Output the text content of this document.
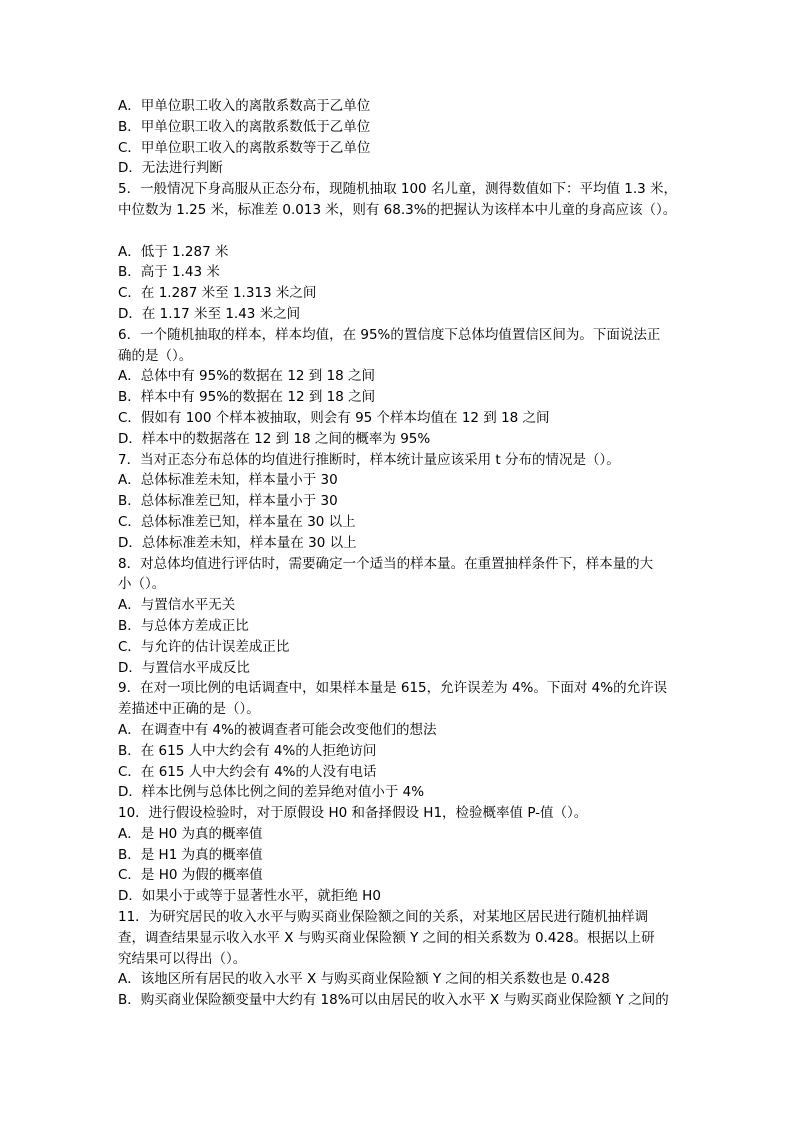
A．甲单位职工收入的离散系数高于乙单位
B．甲单位职工收入的离散系数低于乙单位
C．甲单位职工收入的离散系数等于乙单位
D．无法进行判断
5．一般情况下身高服从正态分布，现随机抽取 100 名儿童，测得数值如下：平均值 1.3 米，
中位数为 1.25 米，标准差 0.013 米，则有 68.3%的把握认为该样本中儿童的身高应该（）。
A．低于 1.287 米
B．高于 1.43 米
C．在 1.287 米至 1.313 米之间
D．在 1.17 米至 1.43 米之间
6．一个随机抽取的样本，样本均值，在 95%的置信度下总体均值置信区间为。下面说法正
确的是（）。
A．总体中有 95%的数据在 12 到 18 之间
B．样本中有 95%的数据在 12 到 18 之间
C．假如有 100 个样本被抽取，则会有 95 个样本均值在 12 到 18 之间
D．样本中的数据落在 12 到 18 之间的概率为 95%
7．当对正态分布总体的均值进行推断时，样本统计量应该采用 t 分布的情况是（）。
A．总体标准差未知，样本量小于 30
B．总体标准差已知，样本量小于 30
C．总体标准差已知，样本量在 30 以上
D．总体标准差未知，样本量在 30 以上
8．对总体均值进行评估时，需要确定一个适当的样本量。在重置抽样条件下，样本量的大
小（）。
A．与置信水平无关
B．与总体方差成正比
C．与允许的估计误差成正比
D．与置信水平成反比
9．在对一项比例的电话调查中，如果样本量是 615，允许误差为 4%。下面对 4%的允许误
差描述中正确的是（）。
A．在调查中有 4%的被调查者可能会改变他们的想法
B．在 615 人中大约会有 4%的人拒绝访问
C．在 615 人中大约会有 4%的人没有电话
D．样本比例与总体比例之间的差异绝对值小于 4%
10．进行假设检验时，对于原假设 H0 和备择假设 H1，检验概率值 P-值（）。
A．是 H0 为真的概率值
B．是 H1 为真的概率值
C．是 H0 为假的概率值
D．如果小于或等于显著性水平，就拒绝 H0
11．为研究居民的收入水平与购买商业保险额之间的关系，对某地区居民进行随机抽样调
查，调查结果显示收入水平 X 与购买商业保险额 Y 之间的相关系数为 0.428。根据以上研
究结果可以得出（）。
A．该地区所有居民的收入水平 X 与购买商业保险额 Y 之间的相关系数也是 0.428
B．购买商业保险额变量中大约有 18%可以由居民的收入水平 X 与购买商业保险额 Y 之间的
